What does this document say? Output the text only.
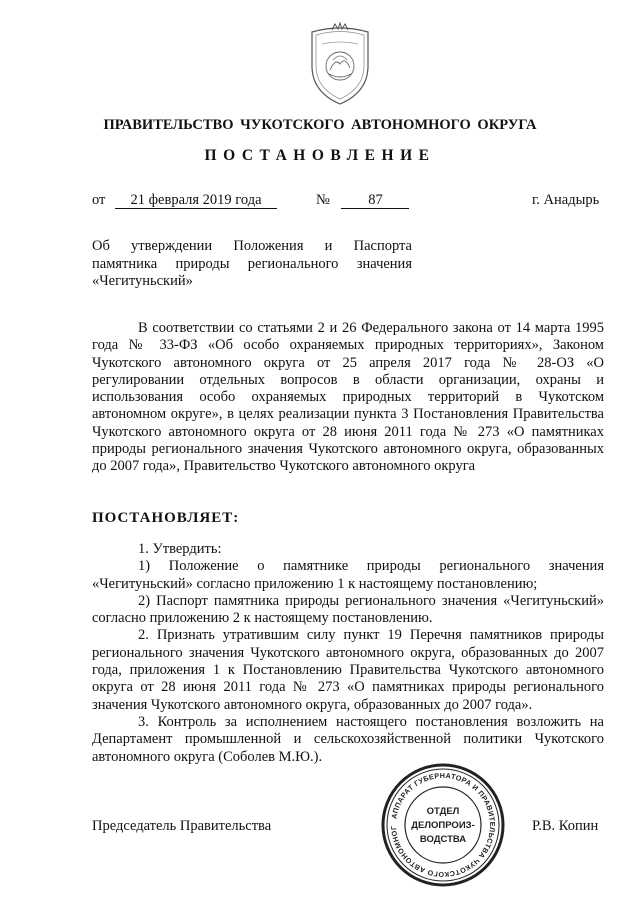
ПРАВИТЕЛЬСТВО ЧУКОТСКОГО АВТОНОМНОГО ОКРУГА
ПОСТАНОВЛЕНИЕ
от 21 февраля 2019 года	№	87	г. Анадырь
Об утверждении Положения и Паспорта
памятника природы регионального значения
«Чегитуньский»
В соответствии со статьями 2 и 26 Федерального закона от 14 марта 1995 года № 33-ФЗ «Об особо охраняемых природных территориях», Законом Чукотского автономного округа от 25 апреля 2017 года № 28-ОЗ «О регулировании отдельных вопросов в области организации, охраны и использования особо охраняемых природных территорий в Чукотском автономном округе», в целях реализации пункта 3 Постановления Правительства Чукотского автономного округа от 28 июня 2011 года № 273 «О памятниках природы регионального значения Чукотского автономного округа, образованных до 2007 года», Правительство Чукотского автономного округа
ПОСТАНОВЛЯЕТ:

1. Утвердить:

1) Положение о памятнике природы регионального значения «Чегитуньский» согласно приложению 1 к настоящему постановлению;

2) Паспорт памятника природы регионального значения «Чегитуньский» согласно приложению 2 к настоящему постановлению.

2. Признать утратившим силу пункт 19 Перечня памятников природы регионального значения Чукотского автономного округа, образованных до 2007 года, приложения 1 к Постановлению Правительства Чукотского автономного округа от 28 июня 2011 года № 273 «О памятниках природы регионального значения Чукотского автономного округа, образованных до 2007 года».

3. Контроль за исполнением настоящего постановления возложить на Департамент промышленной и сельскохозяйственной политики Чукотского автономного округа (Соболев М.Ю.).

Председатель Правительства	Р.В. Копин
АППАРАТ ГУБЕРНАТОРА И ПРАВИТЕЛЬСТВА ЧУКОТСКОГО АВТОНОМНОГ
ОТДЕЛ
ДЕЛОПРОИЗ-
ВОДСТВА
